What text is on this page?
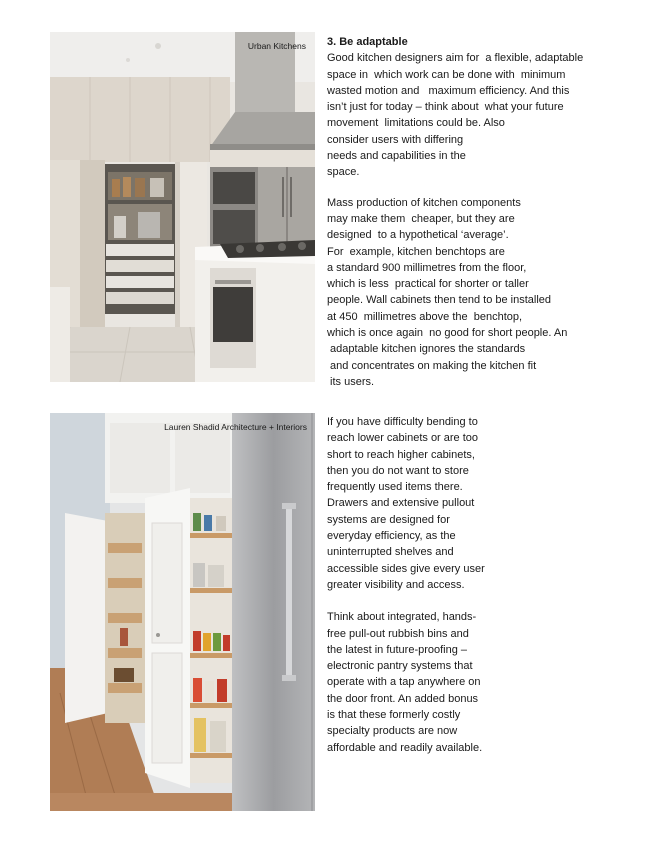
Urban Kitchens 3. Be adaptable

Good kitchen designers aim for  a flexible, adaptable

space in  which work can be done with  minimum

wasted motion and   maximum efficiency. And this

isn’t just for today – think about  what your future

movement  limitations could be. Also

consider users with differing

needs and capabilities in the

space.

Mass production of kitchen components

may make them  cheaper, but they are

designed  to a hypothetical ‘average’.

For  example, kitchen benchtops are

a standard 900 millimetres from the floor,

which is less  practical for shorter or taller

people. Wall cabinets then tend to be installed

at 450  millimetres above the  benchtop,

which is once again  no good for short people. An

adaptable kitchen ignores the standards

and concentrates on making the kitchen fit

its users.

Lauren Shadid Architecture + Interiors If you have difficulty bending to

reach lower cabinets or are too

short to reach higher cabinets,

then you do not want to store

frequently used items there.

Drawers and extensive pullout

systems are designed for

everyday efficiency, as the

uninterrupted shelves and

accessible sides give every user

greater visibility and access.

Think about integrated, hands-

free pull-out rubbish bins and

the latest in future-proofing –

electronic pantry systems that

operate with a tap anywhere on

the door front. An added bonus

is that these formerly costly

specialty products are now

affordable and readily available.
